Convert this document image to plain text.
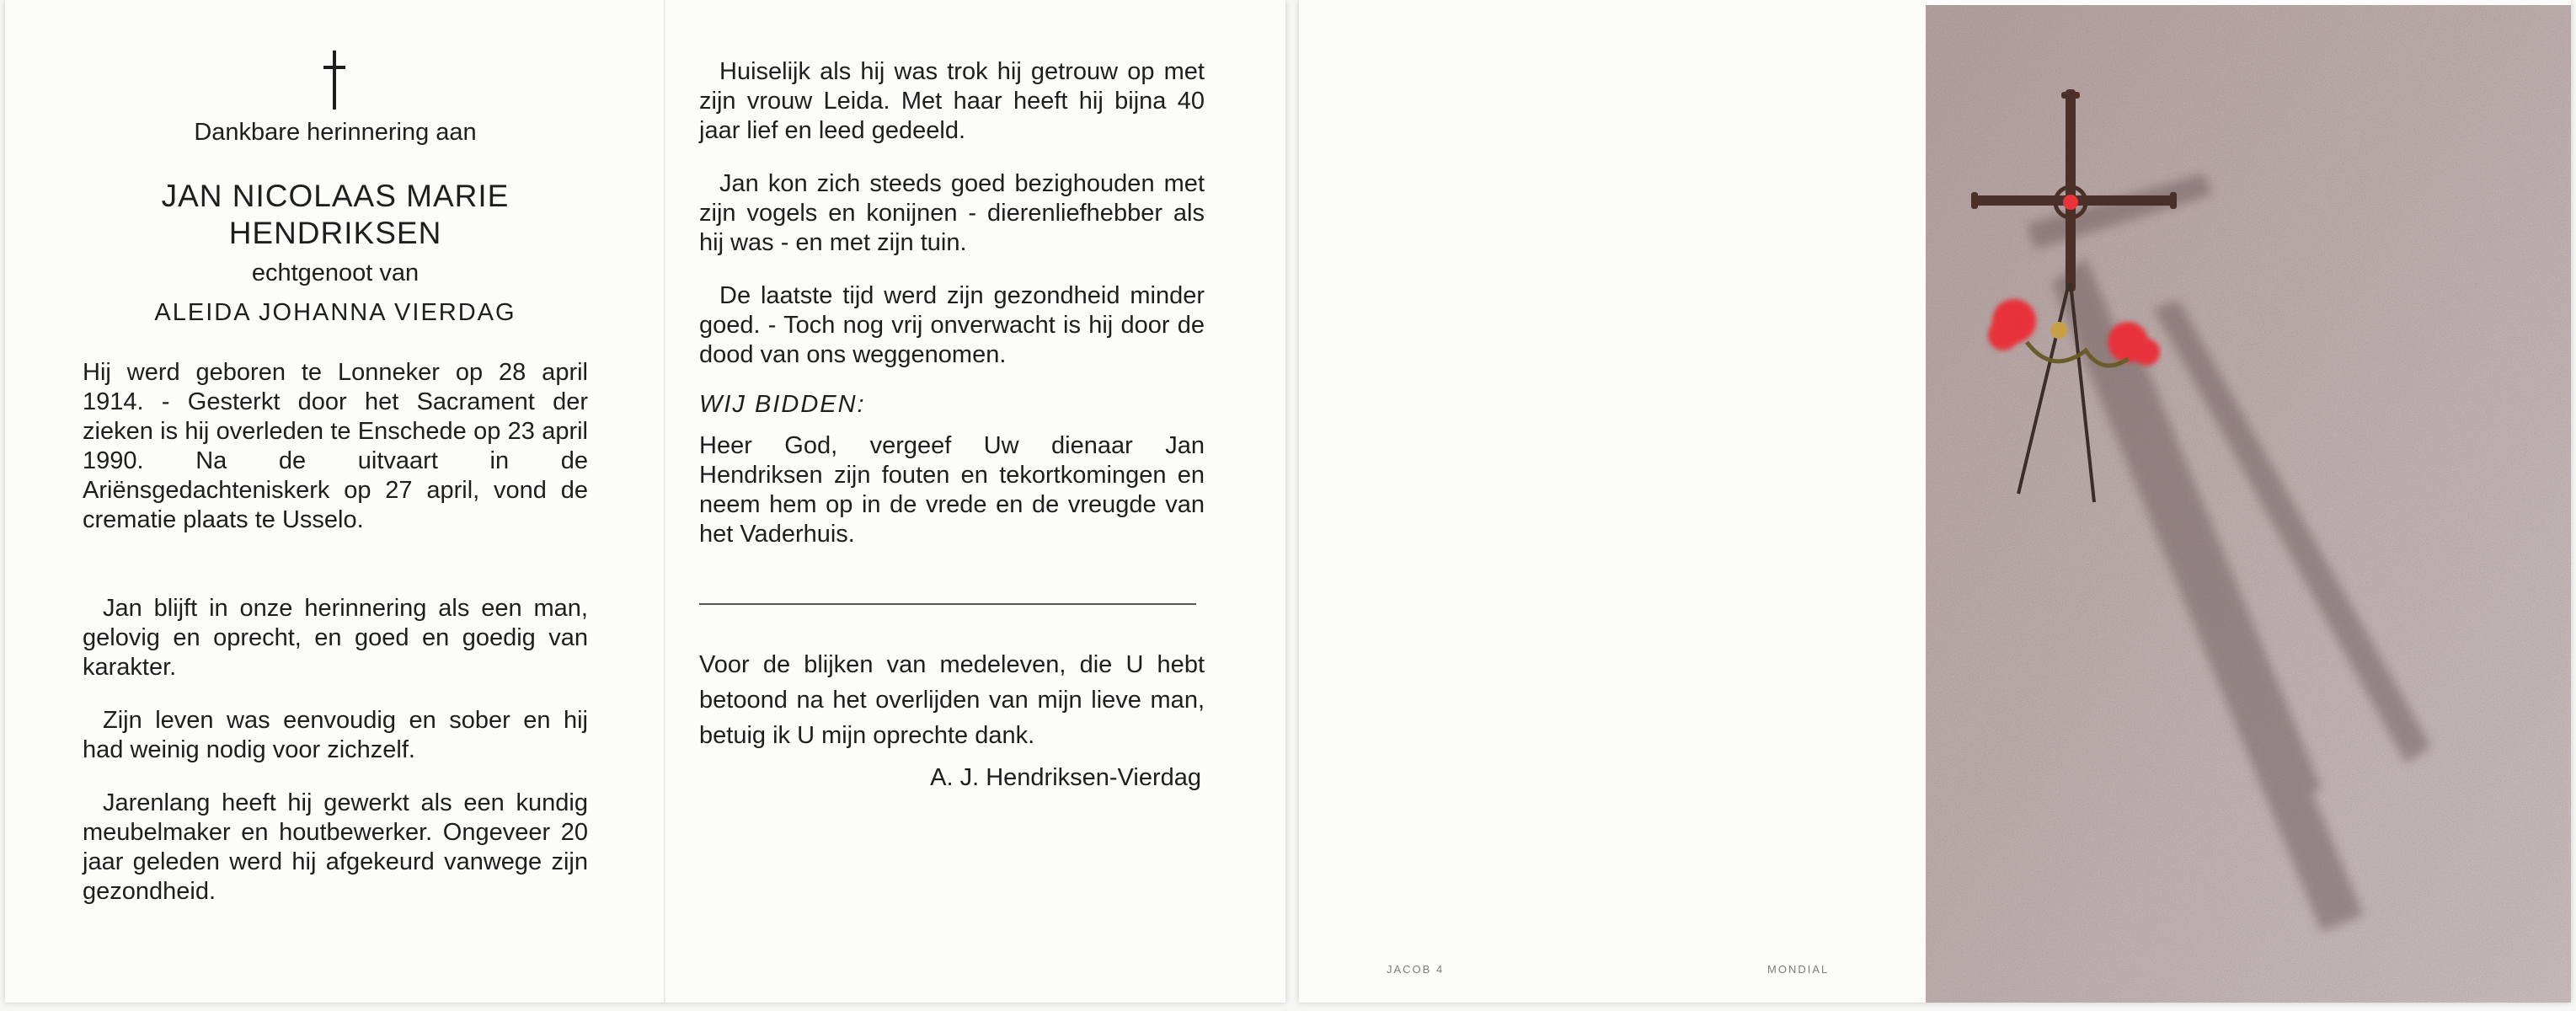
Dankbare herinnering aan

JAN NICOLAAS MARIE
HENDRIKSEN

echtgenoot van

ALEIDA JOHANNA VIERDAG

Hij werd geboren te Lonneker op 28 april 1914. - Gesterkt door het Sacrament der zieken is hij overleden te Enschede op 23 april 1990. Na de uitvaart in de Ariënsgedachteniskerk op 27 april, vond de crematie plaats te Usselo.

Jan blijft in onze herinnering als een man, gelovig en oprecht, en goed en goedig van karakter.

Zijn leven was eenvoudig en sober en hij had weinig nodig voor zichzelf.

Jarenlang heeft hij gewerkt als een kundig meubelmaker en houtbewerker. Ongeveer 20 jaar geleden werd hij afgekeurd vanwege zijn gezondheid.

Huiselijk als hij was trok hij getrouw op met zijn vrouw Leida. Met haar heeft hij bijna 40 jaar lief en leed gedeeld.

Jan kon zich steeds goed bezighouden met zijn vogels en konijnen - dierenliefhebber als hij was - en met zijn tuin.

De laatste tijd werd zijn gezondheid minder goed. - Toch nog vrij onverwacht is hij door de dood van ons weggenomen.

WIJ BIDDEN:

Heer God, vergeef Uw dienaar Jan Hendriksen zijn fouten en tekortkomingen en neem hem op in de vrede en de vreugde van het Vaderhuis.

Voor de blijken van medeleven, die U hebt betoond na het overlijden van mijn lieve man, betuig ik U mijn oprechte dank.

A. J. Hendriksen-Vierdag

JACOB 4	MONDIAL
